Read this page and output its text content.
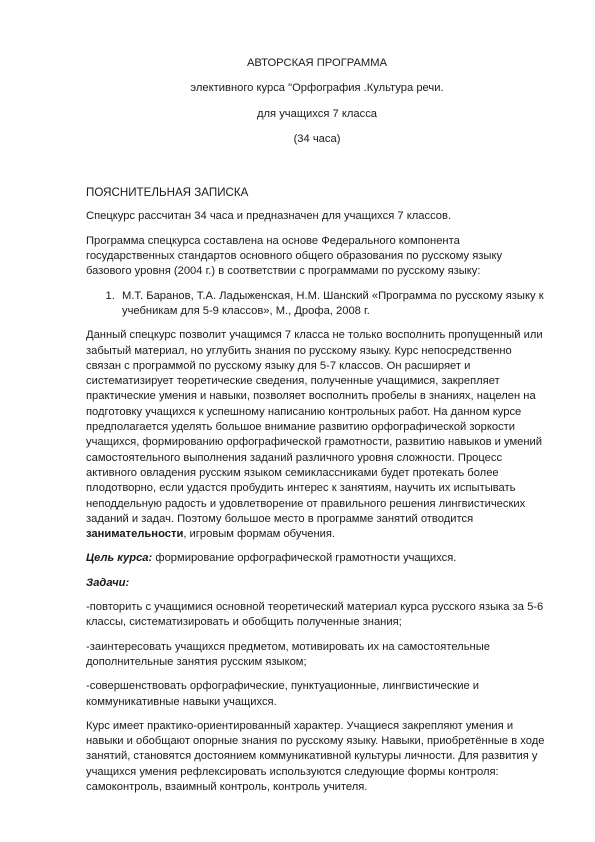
АВТОРСКАЯ ПРОГРАММА

элективного курса "Орфография .Культура речи.

для учащихся 7 класса

(34 часа)

ПОЯСНИТЕЛЬНАЯ ЗАПИСКА

Спецкурс рассчитан 34 часа и предназначен для учащихся 7 классов.

Программа спецкурса составлена на основе Федерального компонента государственных стандартов основного общего образования по русскому языку базового уровня (2004 г.) в соответствии с программами по русскому языку:

1. М.Т. Баранов, Т.А. Ладыженская, Н.М. Шанский «Программа по русскому языку к учебникам для 5-9 классов», М., Дрофа, 2008 г.

Данный спецкурс позволит учащимся 7 класса не только восполнить пропущенный или забытый материал, но углубить знания по русскому языку. Курс непосредственно связан с программой по русскому языку для 5-7 классов. Он расширяет и систематизирует теоретические сведения, полученные учащимися, закрепляет практические умения и навыки, позволяет восполнить пробелы в знаниях, нацелен на подготовку учащихся к успешному написанию контрольных работ. На данном курсе предполагается уделять большое внимание развитию орфографической зоркости учащихся, формированию орфографической грамотности, развитию навыков и умений самостоятельного выполнения заданий различного уровня сложности. Процесс активного овладения русским языком семиклассниками будет протекать более плодотворно, если удастся пробудить интерес к занятиям, научить их испытывать неподдельную радость и удовлетворение от правильного решения лингвистических заданий и задач. Поэтому большое место в программе занятий отводится занимательности, игровым формам обучения.

Цель курса: формирование орфографической грамотности учащихся.

Задачи:

-повторить с учащимися основной теоретический материал курса русского языка за 5-6 классы, систематизировать и обобщить полученные знания;

-заинтересовать учащихся предметом, мотивировать их на самостоятельные дополнительные занятия русским языком;

-совершенствовать орфографические, пунктуационные, лингвистические и коммуникативные навыки учащихся.

Курс имеет практико-ориентированный характер. Учащиеся закрепляют умения и навыки и обобщают опорные знания по русскому языку. Навыки, приобретённые в ходе занятий, становятся достоянием коммуникативной культуры личности. Для развития у учащихся умения рефлексировать используются следующие формы контроля: самоконтроль, взаимный контроль, контроль учителя.
